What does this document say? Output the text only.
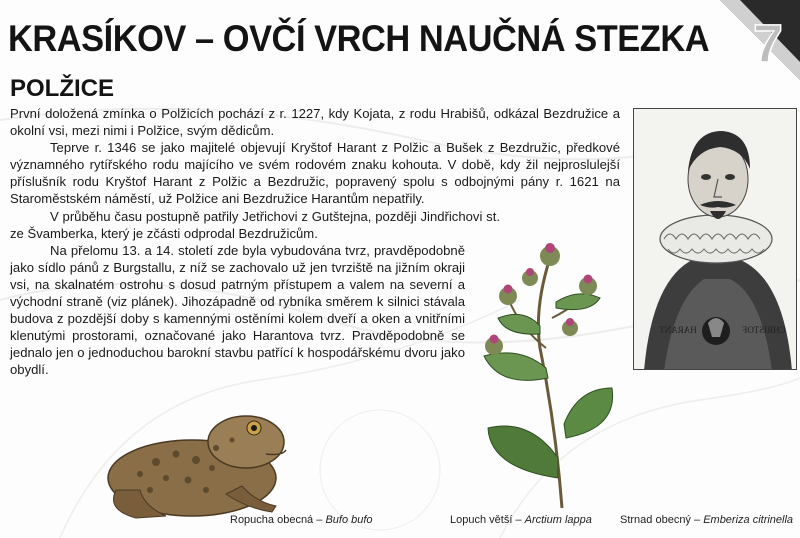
KRASÍKOV – OVČÍ VRCH NAUČNÁ STEZKA 7
POLŽICE

První doložená zmínka o Polžicích pochází z r. 1227, kdy Kojata, z rodu Hrabišů, odkázal Bezdružice a okolní vsi, mezi nimi i Polžice, svým dědicům.

Teprve r. 1346 se jako majitelé objevují Kryštof Harant z Polžic a Bušek z Bezdružic, předkové významného rytířského rodu majícího ve svém rodovém znaku kohouta. V době, kdy žil nejproslulejší příslušník rodu Kryštof Harant z Polžic a Bezdružic, popravený spolu s odbojnými pány r. 1621 na Staroměstském náměstí, už Polžice ani Bezdružice Harantům nepatřily.

V průběhu času postupně patřily Jetřichovi z Gutštejna, později Jindřichovi st. ze Švamberka, který je zčásti odprodal Bezdružicům.

Na přelomu 13. a 14. století zde byla vybudována tvrz, pravděpodobně jako sídlo pánů z Burgstallu, z níž se zachovalo už jen tvrziště na jižním okraji vsi, na skalnatém ostrohu s dosud patrným přístupem a valem na severní a východní straně (viz plánek). Jihozápadně od rybníka směrem k silnici stávala budova z pozdější doby s kamennými ostěními kolem dveří a oken a vnitřními klenutými prostorami, označované jako Harantova tvrz. Pravděpodobně se jednalo jen o jednoduchou barokní stavbu patřící k hospodářskému dvoru jako obydlí.

HARANT	CHRISTOF
Ropucha obecná – Bufo bufo	Lopuch větší – Arctium lappa	Strnad obecný – Emberiza citrinella
